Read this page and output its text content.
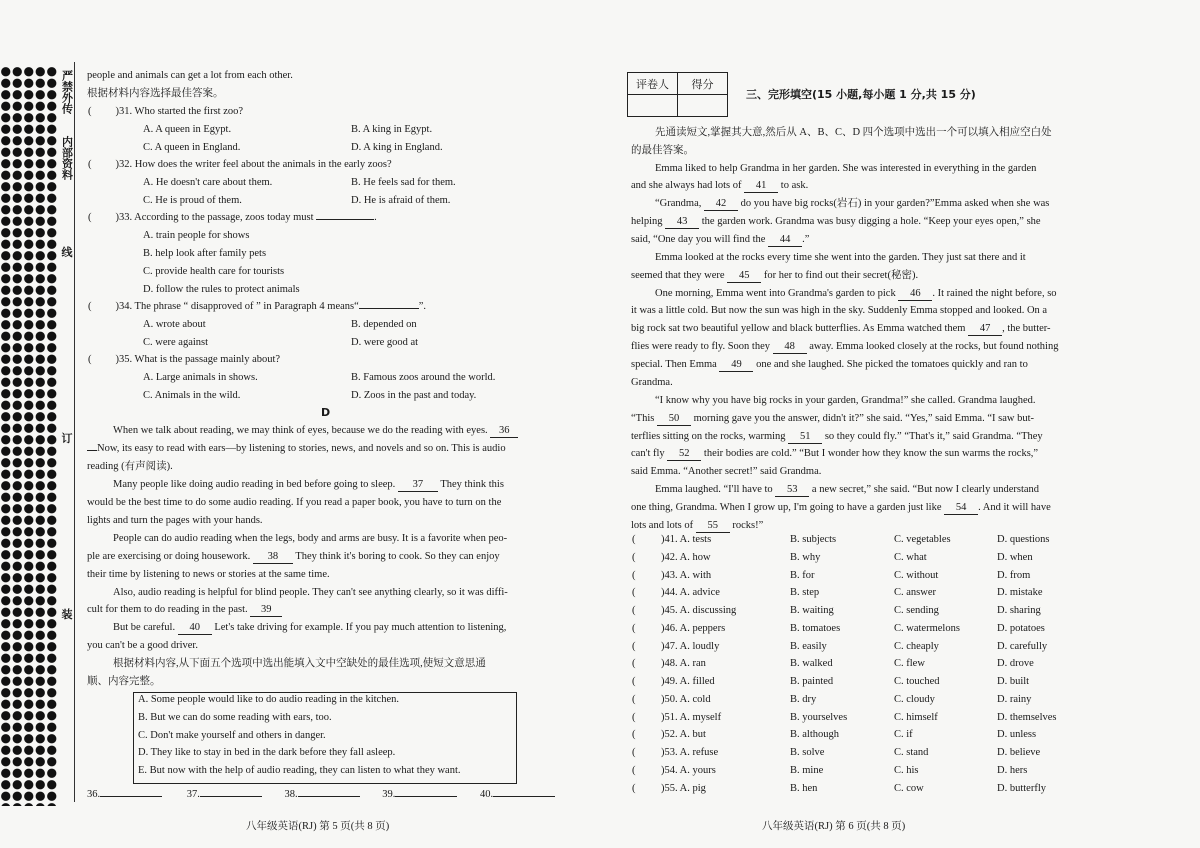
严禁外传
内部资料
线
订
装
people and animals can get a lot from each other.
根据材料内容选择最佳答案。
( )31. Who started the first zoo?
A. A queen in Egypt.	B. A king in Egypt.
C. A queen in England.	D. A king in England.
( )32. How does the writer feel about the animals in the early zoos?
A. He doesn't care about them.	B. He feels sad for them.
C. He is proud of them.	D. He is afraid of them.
( )33. According to the passage, zoos today must	.
A. train people for shows
B. help look after family pets
C. provide health care for tourists
D. follow the rules to protect animals
( )34. The phrase “ disapproved of ” in Paragraph 4 means“	”.
A. wrote about	B. depended on
C. were against	D. were good at
( )35. What is the passage mainly about?
A. Large animals in shows.	B. Famous zoos around the world.
C. Animals in the wild.	D. Zoos in the past and today.
D
When we talk about reading, we may think of eyes, because we do the reading with eyes. 36
Now, its easy to read with ears—by listening to stories, news, and novels and so on. This is audio
reading (有声阅读).
Many people like doing audio reading in bed before going to sleep. 37 They think this
would be the best time to do some audio reading. If you read a paper book, you have to turn on the
lights and turn the pages with your hands.
People can do audio reading when the legs, body and arms are busy. It is a favorite when peo-
ple are exercising or doing housework. 38 They think it's boring to cook. So they can enjoy
their time by listening to news or stories at the same time.
Also, audio reading is helpful for blind people. They can't see anything clearly, so it was diffi-
cult for them to do reading in the past. 39
But be careful. 40 Let's take driving for example. If you pay much attention to listening,
you can't be a good driver.
根据材料内容,从下面五个选项中选出能填入文中空缺处的最佳选项,使短文意思通
顺、内容完整。
A. Some people would like to do audio reading in the kitchen.
B. But we can do some reading with ears, too.
C. Don't make yourself and others in danger.
D. They like to stay in bed in the dark before they fall asleep.
E. But now with the help of audio reading, they can listen to what they want.
36.	37.	38.	39.	40.
八年级英语(RJ) 第 5 页(共 8 页)
评卷人	得分

三、完形填空(15 小题,每小题 1 分,共 15 分)
先通读短文,掌握其大意,然后从 A、B、C、D 四个选项中选出一个可以填入相应空白处
的最佳答案。
Emma liked to help Grandma in her garden. She was interested in everything in the garden
and she always had lots of 41 to ask.
“Grandma, 42 do you have big rocks(岩石) in your garden?”Emma asked when she was
helping 43 the garden work. Grandma was busy digging a hole. “Keep your eyes open,” she
said, “One day you will find the 44 .”
Emma looked at the rocks every time she went into the garden. They just sat there and it
seemed that they were 45 for her to find out their secret(秘密).
One morning, Emma went into Grandma's garden to pick 46 . It rained the night before, so
it was a little cold. But now the sun was high in the sky. Suddenly Emma stopped and looked. On a
big rock sat two beautiful yellow and black butterflies. As Emma watched them 47 , the butter-
flies were ready to fly. Soon they 48 away. Emma looked closely at the rocks, but found nothing
special. Then Emma 49 one and she laughed. She picked the tomatoes quickly and ran to
Grandma.
“I know why you have big rocks in your garden, Grandma!” she called. Grandma laughed.
“This 50 morning gave you the answer, didn't it?” she said. “Yes,” said Emma. “I saw but-
terflies sitting on the rocks, warming 51 so they could fly.” “That's it,” said Grandma. “They
can't fly 52 their bodies are cold.” “But I wonder how they know the sun warms the rocks,”
said Emma. “Another secret!” said Grandma.
Emma laughed. “I'll have to 53 a new secret,” she said. “But now I clearly understand
one thing, Grandma. When I grow up, I'm going to have a garden just like 54 . And it will have
lots and lots of 55 rocks!”
( )41. A. tests	B. subjects	C. vegetables	D. questions
( )42. A. how	B. why	C. what	D. when
( )43. A. with	B. for	C. without	D. from
( )44. A. advice	B. step	C. answer	D. mistake
( )45. A. discussing	B. waiting	C. sending	D. sharing
( )46. A. peppers	B. tomatoes	C. watermelons	D. potatoes
( )47. A. loudly	B. easily	C. cheaply	D. carefully
( )48. A. ran	B. walked	C. flew	D. drove
( )49. A. filled	B. painted	C. touched	D. built
( )50. A. cold	B. dry	C. cloudy	D. rainy
( )51. A. myself	B. yourselves	C. himself	D. themselves
( )52. A. but	B. although	C. if	D. unless
( )53. A. refuse	B. solve	C. stand	D. believe
( )54. A. yours	B. mine	C. his	D. hers
( )55. A. pig	B. hen	C. cow	D. butterfly
八年级英语(RJ) 第 6 页(共 8 页)
